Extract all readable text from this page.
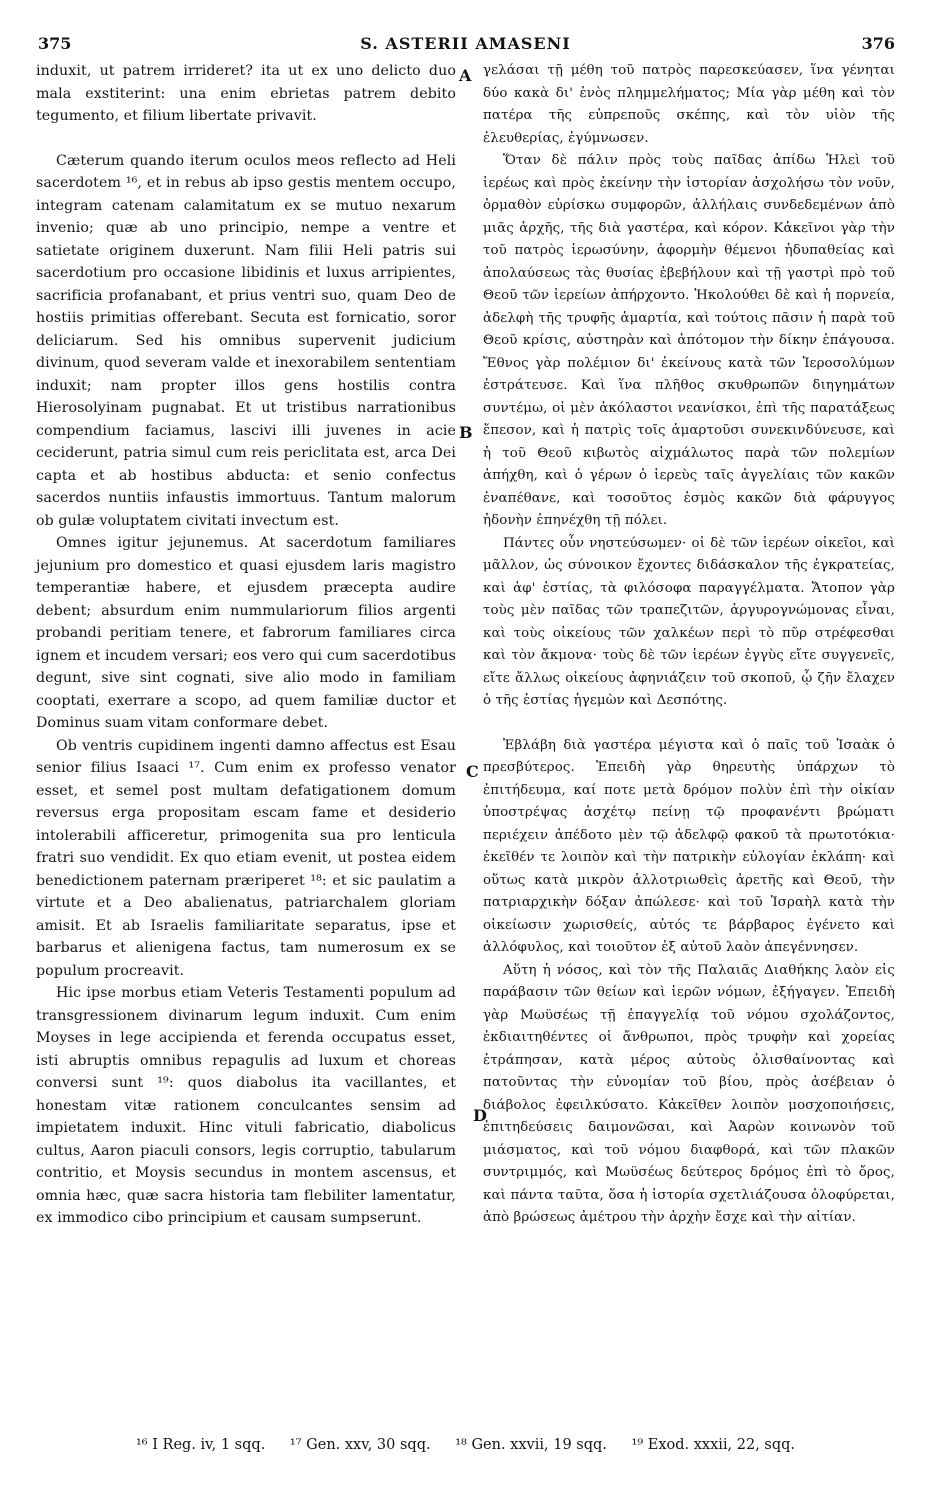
375	S. ASTERII AMASENI	376

induxit, ut patrem irrideret? ita ut ex uno delicto duo mala exstiterint: una enim ebrietas patrem debito tegumento, et filium libertate privavit.

Cæterum quando iterum oculos meos reflecto ad Heli sacerdotem ¹⁶, et in rebus ab ipso gestis mentem occupo, integram catenam calamitatum ex se mutuo nexarum invenio; quæ ab uno principio, nempe a ventre et satietate originem duxerunt. Nam filii Heli patris sui sacerdotium pro occasione libidinis et luxus arripientes, sacrificia profanabant, et prius ventri suo, quam Deo de hostiis primitias offerebant. Secuta est fornicatio, soror deliciarum. Sed his omnibus supervenit judicium divinum, quod severam valde et inexorabilem sententiam induxit; nam propter illos gens hostilis contra Hierosolyinam pugnabat. Et ut tristibus narrationibus compendium faciamus, lascivi illi juvenes in acie ceciderunt, patria simul cum reis periclitata est, arca Dei capta et ab hostibus abducta: et senio confectus sacerdos nuntiis infaustis immortuus. Tantum malorum ob gulæ voluptatem civitati invectum est.

Omnes igitur jejunemus. At sacerdotum familiares jejunium pro domestico et quasi ejusdem laris magistro temperantiæ habere, et ejusdem præcepta audire debent; absurdum enim nummulariorum filios argenti probandi peritiam tenere, et fabrorum familiares circa ignem et incudem versari; eos vero qui cum sacerdotibus degunt, sive sint cognati, sive alio modo in familiam cooptati, exerrare a scopo, ad quem familiæ ductor et Dominus suam vitam conformare debet.

Ob ventris cupidinem ingenti damno affectus est Esau senior filius Isaaci ¹⁷. Cum enim ex professo venator esset, et semel post multam defatigationem domum reversus erga propositam escam fame et desiderio intolerabili afficeretur, primogenita sua pro lenticula fratri suo vendidit. Ex quo etiam evenit, ut postea eidem benedictionem paternam præriperet ¹⁸: et sic paulatim a virtute et a Deo abalienatus, patriarchalem gloriam amisit. Et ab Israelis familiaritate separatus, ipse et barbarus et alienigena factus, tam numerosum ex se populum procreavit.

Hic ipse morbus etiam Veteris Testamenti populum ad transgressionem divinarum legum induxit. Cum enim Moyses in lege accipienda et ferenda occupatus esset, isti abruptis omnibus repagulis ad luxum et choreas conversi sunt ¹⁹: quos diabolus ita vacillantes, et honestam vitæ rationem conculcantes sensim ad impietatem induxit. Hinc vituli fabricatio, diabolicus cultus, Aaron piaculi consors, legis corruptio, tabularum contritio, et Moysis secundus in montem ascensus, et omnia hæc, quæ sacra historia tam flebiliter lamentatur, ex immodico cibo principium et causam sumpserunt.

γελάσαι τῇ μέθη τοῦ πατρὸς παρεσκεύασεν, ἵνα γένηται δύο κακὰ δι' ἑνὸς πλημμελήματος; Μία γὰρ μέθη καὶ τὸν πατέρα τῆς εὐπρεποῦς σκέπης, καὶ τὸν υἱὸν τῆς ἐλευθερίας, ἐγύμνωσεν.

Ὅταν δὲ πάλιν πρὸς τοὺς παῖδας ἀπίδω Ἡλεὶ τοῦ ἱερέως καὶ πρὸς ἐκείνην τὴν ἱστορίαν ἀσχολήσω τὸν νοῦν, ὁρμαθὸν εὑρίσκω συμφορῶν, ἀλλήλαις συνδεδεμένων ἀπὸ μιᾶς ἀρχῆς, τῆς διὰ γαστέρα, καὶ κόρον. Κἀκεῖνοι γὰρ τὴν τοῦ πατρὸς ἱερωσύνην, ἀφορμὴν θέμενοι ἡδυπαθείας καὶ ἀπολαύσεως τὰς θυσίας ἐβεβήλουν καὶ τῇ γαστρὶ πρὸ τοῦ Θεοῦ τῶν ἱερείων ἀπήρχοντο. Ἠκολούθει δὲ καὶ ἡ πορνεία, ἀδελφὴ τῆς τρυφῆς ἁμαρτία, καὶ τούτοις πᾶσιν ἡ παρὰ τοῦ Θεοῦ κρίσις, αὐστηρὰν καὶ ἀπότομον τὴν δίκην ἐπάγουσα. Ἔθνος γὰρ πολέμιον δι' ἐκείνους κατὰ τῶν Ἱεροσολύμων ἐστράτευσε. Καὶ ἵνα πλῆθος σκυθρωπῶν διηγημάτων συντέμω, οἱ μὲν ἀκόλαστοι νεανίσκοι, ἐπὶ τῆς παρατάξεως ἔπεσον, καὶ ἡ πατρὶς τοῖς ἁμαρτοῦσι συνεκινδύνευσε, καὶ ἡ τοῦ Θεοῦ κιβωτὸς αἰχμάλωτος παρὰ τῶν πολεμίων ἀπήχθη, καὶ ὁ γέρων ὁ ἱερεὺς ταῖς ἀγγελίαις τῶν κακῶν ἐναπέθανε, καὶ τοσοῦτος ἑσμὸς κακῶν διὰ φάρυγγος ἡδονὴν ἐπηνέχθη τῇ πόλει.

Πάντες οὖν νηστεύσωμεν· οἱ δὲ τῶν ἱερέων οἰκεῖοι, καὶ μᾶλλον, ὡς σύνοικον ἔχοντες διδάσκαλον τῆς ἐγκρατείας, καὶ ἀφ' ἑστίας, τὰ φιλόσοφα παραγγέλματα. Ἄτοπον γὰρ τοὺς μὲν παῖδας τῶν τραπεζιτῶν, ἀργυρογνώμονας εἶναι, καὶ τοὺς οἰκείους τῶν χαλκέων περὶ τὸ πῦρ στρέφεσθαι καὶ τὸν ἄκμονα· τοὺς δὲ τῶν ἱερέων ἐγγὺς εἴτε συγγενεῖς, εἴτε ἄλλως οἰκείους ἀφηνιάζειν τοῦ σκοποῦ, ᾧ ζῆν ἔλαχεν ὁ τῆς ἑστίας ἡγεμὼν καὶ Δεσπότης.

Ἐβλάβη διὰ γαστέρα μέγιστα καὶ ὁ παῖς τοῦ Ἰσαὰκ ὁ πρεσβύτερος. Ἐπειδὴ γὰρ θηρευτὴς ὑπάρχων τὸ ἐπιτήδευμα, καί ποτε μετὰ δρόμον πολὺν ἐπὶ τὴν οἰκίαν ὑποστρέψας ἀσχέτῳ πείνῃ τῷ προφανέντι βρώματι περιέχειν ἀπέδοτο μὲν τῷ ἀδελφῷ φακοῦ τὰ πρωτοτόκια· ἐκεῖθέν τε λοιπὸν καὶ τὴν πατρικὴν εὐλογίαν ἐκλάπη· καὶ οὕτως κατὰ μικρὸν ἀλλοτριωθεὶς ἀρετῆς καὶ Θεοῦ, τὴν πατριαρχικὴν δόξαν ἀπώλεσε· καὶ τοῦ Ἰσραὴλ κατὰ τὴν οἰκείωσιν χωρισθείς, αὐτός τε βάρβαρος ἐγένετο καὶ ἀλλόφυλος, καὶ τοιοῦτον ἐξ αὐτοῦ λαὸν ἀπεγέννησεν.

Αὕτη ἡ νόσος, καὶ τὸν τῆς Παλαιᾶς Διαθήκης λαὸν εἰς παράβασιν τῶν θείων καὶ ἱερῶν νόμων, ἐξήγαγεν. Ἐπειδὴ γὰρ Μωϋσέως τῇ ἐπαγγελίᾳ τοῦ νόμου σχολάζοντος, ἐκδιαιτηθέντες οἱ ἄνθρωποι, πρὸς τρυφὴν καὶ χορείας ἐτράπησαν, κατὰ μέρος αὐτοὺς ὀλισθαίνοντας καὶ πατοῦντας τὴν εὐνομίαν τοῦ βίου, πρὸς ἀσέβειαν ὁ διάβολος ἐφειλκύσατο. Κἀκεῖθεν λοιπὸν μοσχοποιήσεις, ἐπιτηδεύσεις δαιμονῶσαι, καὶ Ἀαρὼν κοινωνὸν τοῦ μιάσματος, καὶ τοῦ νόμου διαφθορά, καὶ τῶν πλακῶν συντριμμός, καὶ Μωϋσέως δεύτερος δρόμος ἐπὶ τὸ ὄρος, καὶ πάντα ταῦτα, ὅσα ἡ ἱστορία σχετλιάζουσα ὀλοφύρεται, ἀπὸ βρώσεως ἀμέτρου τὴν ἀρχὴν ἔσχε καὶ τὴν αἰτίαν.

A
B
C
D
¹⁶ I Reg. iv, 1 sqq. ¹⁷ Gen. xxv, 30 sqq. ¹⁸ Gen. xxvii, 19 sqq. ¹⁹ Exod. xxxii, 22, sqq.
